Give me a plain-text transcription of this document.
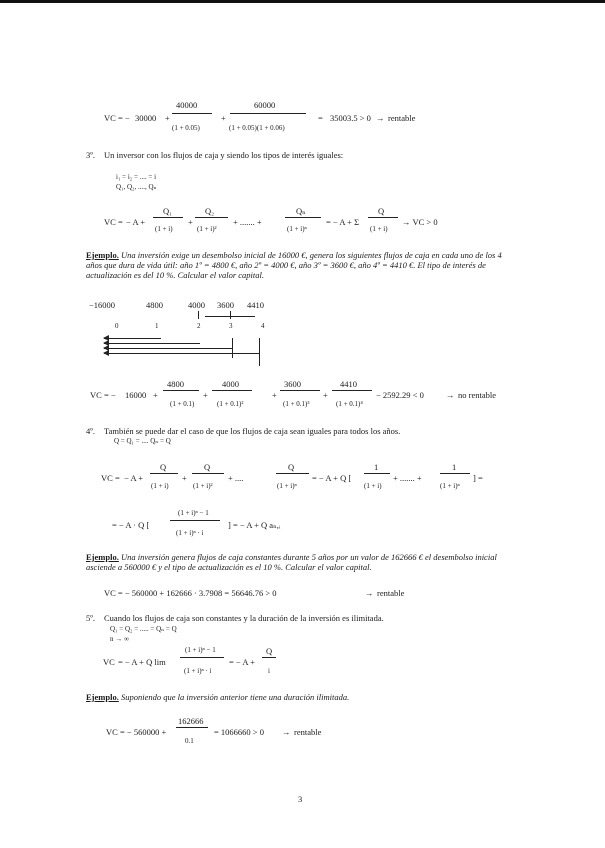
VC = − 30000 +
40000
(1 + 0.05)
+
60000
(1 + 0.05)(1 + 0.06)
= 35003.5 > 0 → rentable
3º. Un inversor con los flujos de caja y siendo los tipos de interés iguales:
i₁ = i₂ = .... = i
Q₁, Q₂, ...., Qₙ
VC = − A +
Q₁
(1 + i)
+
Q₂
(1 + i)²
+ ....... +
Qₙ
(1 + i)ⁿ
= − A + Σ
Q
(1 + i)
→ VC > 0
Ejemplo. Una inversión exige un desembolso inicial de 16000 €, genera los siguientes flujos de caja en cada uno de los 4 años que dura de vida útil: año 1º = 4800 €, año 2º = 4000 €, año 3º = 3600 €, año 4º = 4410 €. El tipo de interés de actualización es del 10 %. Calcular el valor capital.
−16000	4800	4000 3600 4410
0	1	2	3	4
VC = − 16000 +
4800
(1 + 0.1)
+
4000
(1 + 0.1)²
+
3600
(1 + 0.1)³
+
4410
(1 + 0.1)⁴
− 2592.29 < 0	→ no rentable
4º. También se puede dar el caso de que los flujos de caja sean iguales para todos los años.
Q = Q₁ = .... Qₙ = Q
VC = − A +
Q
(1 + i)
+
Q
(1 + i)²
+ ....
Q
(1 + i)ⁿ
= − A + Q [
1
(1 + i)
+ ....... +
1
(1 + i)ⁿ
] =
= − A · Q [
(1 + i)ⁿ − 1
(1 + i)ⁿ · i
] = − A + Q aₙ,ᵢ
Ejemplo. Una inversión genera flujos de caja constantes durante 5 años por un valor de 162666 € el desembolso inicial asciende a 560000 € y el tipo de actualización es el 10 %. Calcular el valor capital.
VC = − 560000 + 162666 · 3.7908 = 56646.76 > 0	→ rentable
5º. Cuando los flujos de caja son constantes y la duración de la inversión es ilimitada.
Q₁ = Q₂ = ..... = Qₙ = Q
n → ∞
VC = − A + Q lim
(1 + i)ⁿ − 1
(1 + i)ⁿ · i
= − A +
Q
i
Ejemplo. Suponiendo que la inversión anterior tiene una duración ilimitada.
VC = − 560000 +
162666
0.1
= 1066660 > 0 → rentable
3
